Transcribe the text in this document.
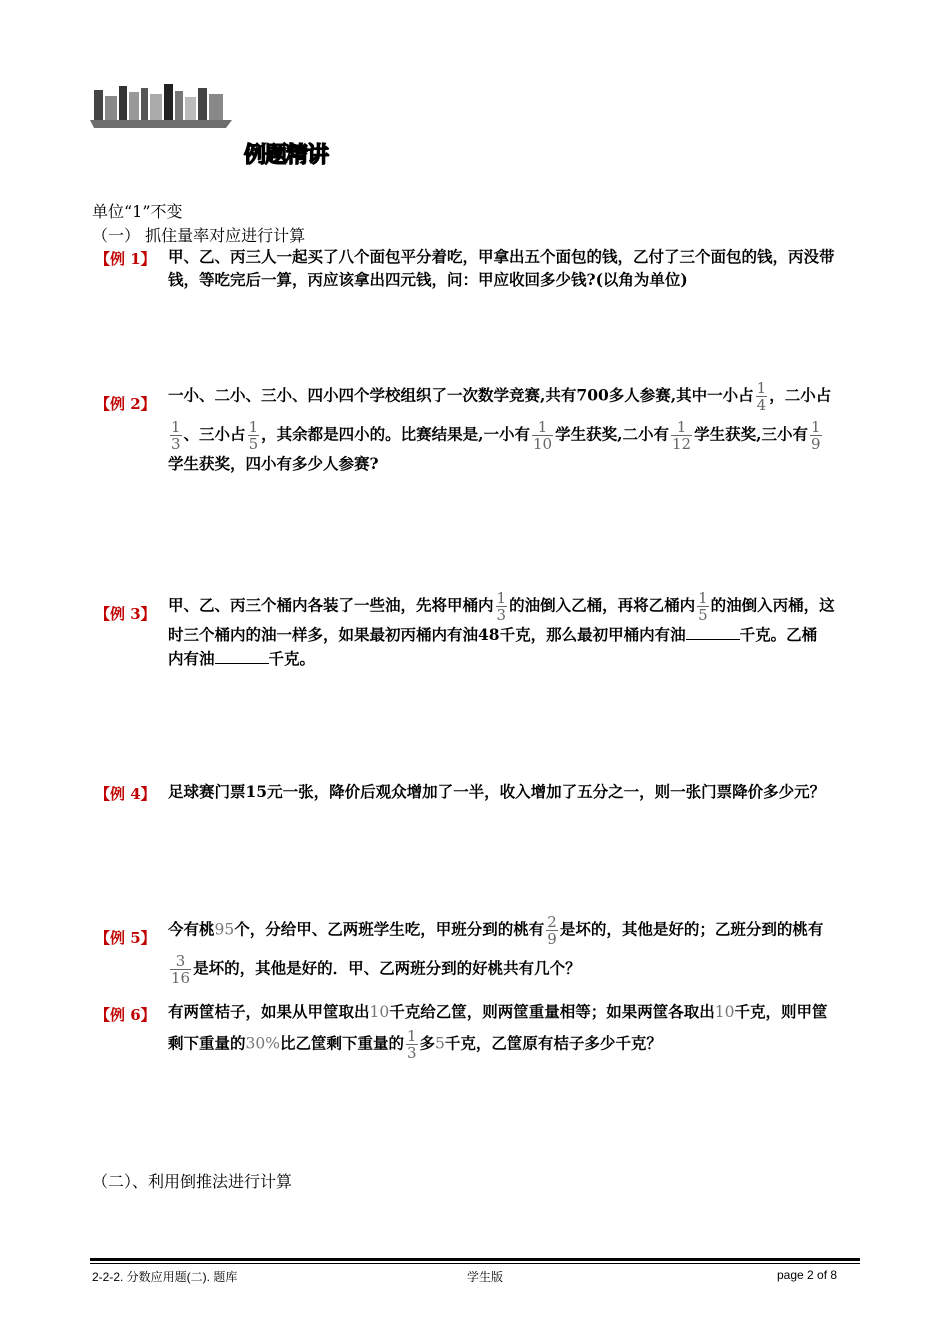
例题精讲
单位“1”不变
（一） 抓住量率对应进行计算
【例 1】 甲、乙、丙三人一起买了八个面包平分着吃，甲拿出五个面包的钱，乙付了三个面包的钱，丙没带
钱，等吃完后一算，丙应该拿出四元钱，问：甲应收回多少钱?(以角为单位)
【例 2】 一小、二小、三小、四小四个学校组织了一次数学竞赛,共有700多人参赛,其中一小占 $\frac{1}{4}$ ，二小占
$\frac{1}{3}$ 、三小占 $\frac{1}{5}$ ，其余都是四小的。比赛结果是,一小有 $\frac{1}{10}$ 学生获奖,二小有 $\frac{1}{12}$ 学生获奖,三小有 $\frac{1}{9}$
学生获奖，四小有多少人参赛?
【例 3】 甲、乙、丙三个桶内各装了一些油，先将甲桶内 $\frac{1}{3}$ 的油倒入乙桶，再将乙桶内 $\frac{1}{5}$ 的油倒入丙桶，这
时三个桶内的油一样多，如果最初丙桶内有油48千克，那么最初甲桶内有油	千克。乙桶
内有油	千克。
【例 4】 足球赛门票15元一张，降价后观众增加了一半，收入增加了五分之一，则一张门票降价多少元？
【例 5】 今有桃95个，分给甲、乙两班学生吃，甲班分到的桃有 $\frac{2}{9}$ 是坏的，其他是好的；乙班分到的桃有
$\frac{3}{16}$ 是坏的，其他是好的．甲、乙两班分到的好桃共有几个？
【例 6】 有两筐桔子，如果从甲筐取出10千克给乙筐，则两筐重量相等；如果两筐各取出10千克，则甲筐
剩下重量的30%比乙筐剩下重量的 $\frac{1}{3}$ 多5千克，乙筐原有桔子多少千克？
（二）、利用倒推法进行计算
2-2-2. 分数应用题(二). 题库	学生版	page 2 of 8
